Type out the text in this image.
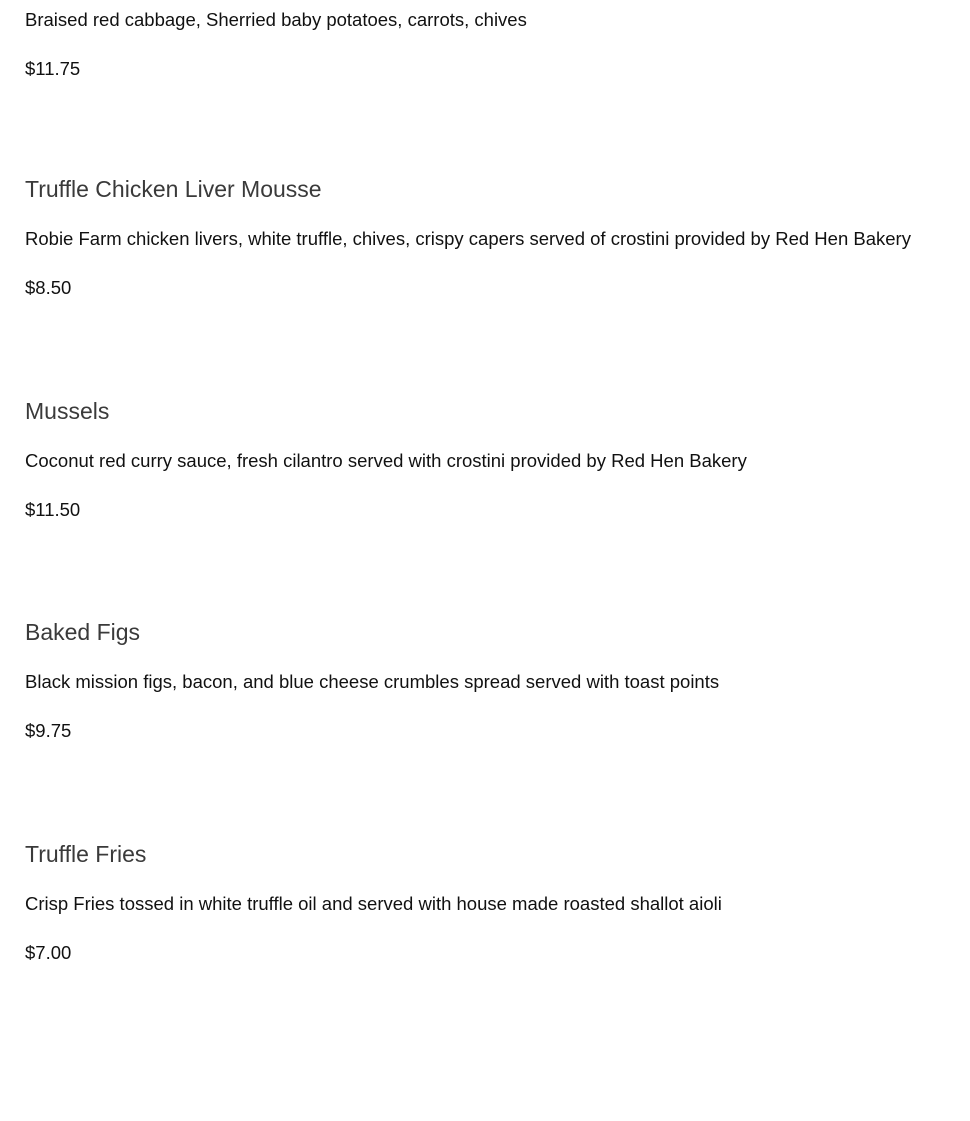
Braised red cabbage, Sherried baby potatoes, carrots, chives

$11.75

Truffle Chicken Liver Mousse

Robie Farm chicken livers, white truffle, chives, crispy capers served of crostini provided by Red Hen Bakery

$8.50

Mussels

Coconut red curry sauce, fresh cilantro served with crostini provided by Red Hen Bakery

$11.50

Baked Figs

Black mission figs, bacon, and blue cheese crumbles spread served with toast points

$9.75

Truffle Fries

Crisp Fries tossed in white truffle oil and served with house made roasted shallot aioli

$7.00
